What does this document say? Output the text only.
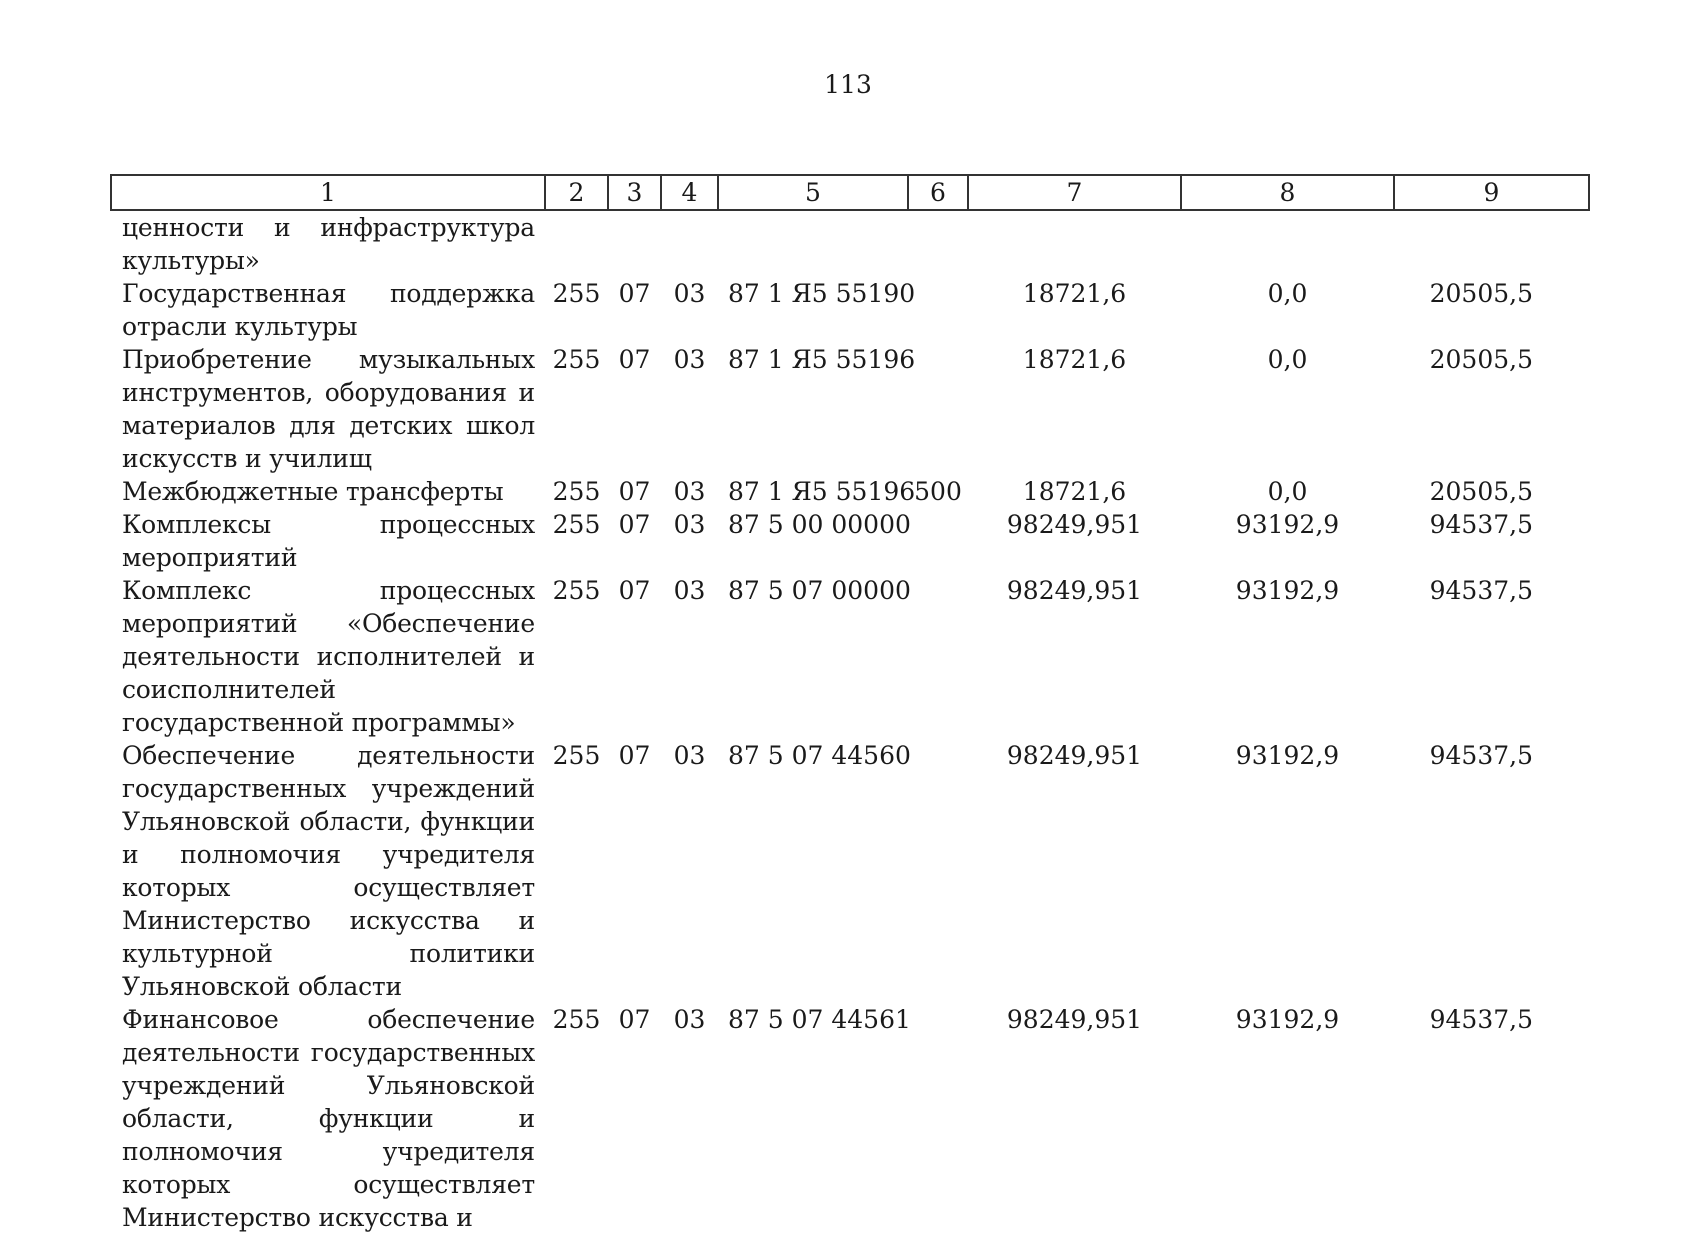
113
1	2	3	4	5	6	7	8	9
ценности и инфраструктура культуры»								
Государственная поддержка отрасли культуры	255	07	03	87 1 Я5 55190		18721,6	0,0	20505,5
Приобретение музыкальных инструментов, оборудования и материалов для детских школ искусств и училищ	255	07	03	87 1 Я5 55196		18721,6	0,0	20505,5
Межбюджетные трансферты	255	07	03	87 1 Я5 55196	500	18721,6	0,0	20505,5
Комплексы процессных мероприятий	255	07	03	87 5 00 00000		98249,951	93192,9	94537,5
Комплекс процессных мероприятий «Обеспечение деятельности исполнителей и соисполнителей государственной программы»	255	07	03	87 5 07 00000		98249,951	93192,9	94537,5
Обеспечение деятельности государственных учреждений Ульяновской области, функции и полномочия учредителя которых осуществляет Министерство искусства и культурной политики Ульяновской области	255	07	03	87 5 07 44560		98249,951	93192,9	94537,5
Финансовое обеспечение деятельности государственных учреждений Ульяновской области, функции и полномочия учредителя которых осуществляет Министерство искусства и	255	07	03	87 5 07 44561		98249,951	93192,9	94537,5
